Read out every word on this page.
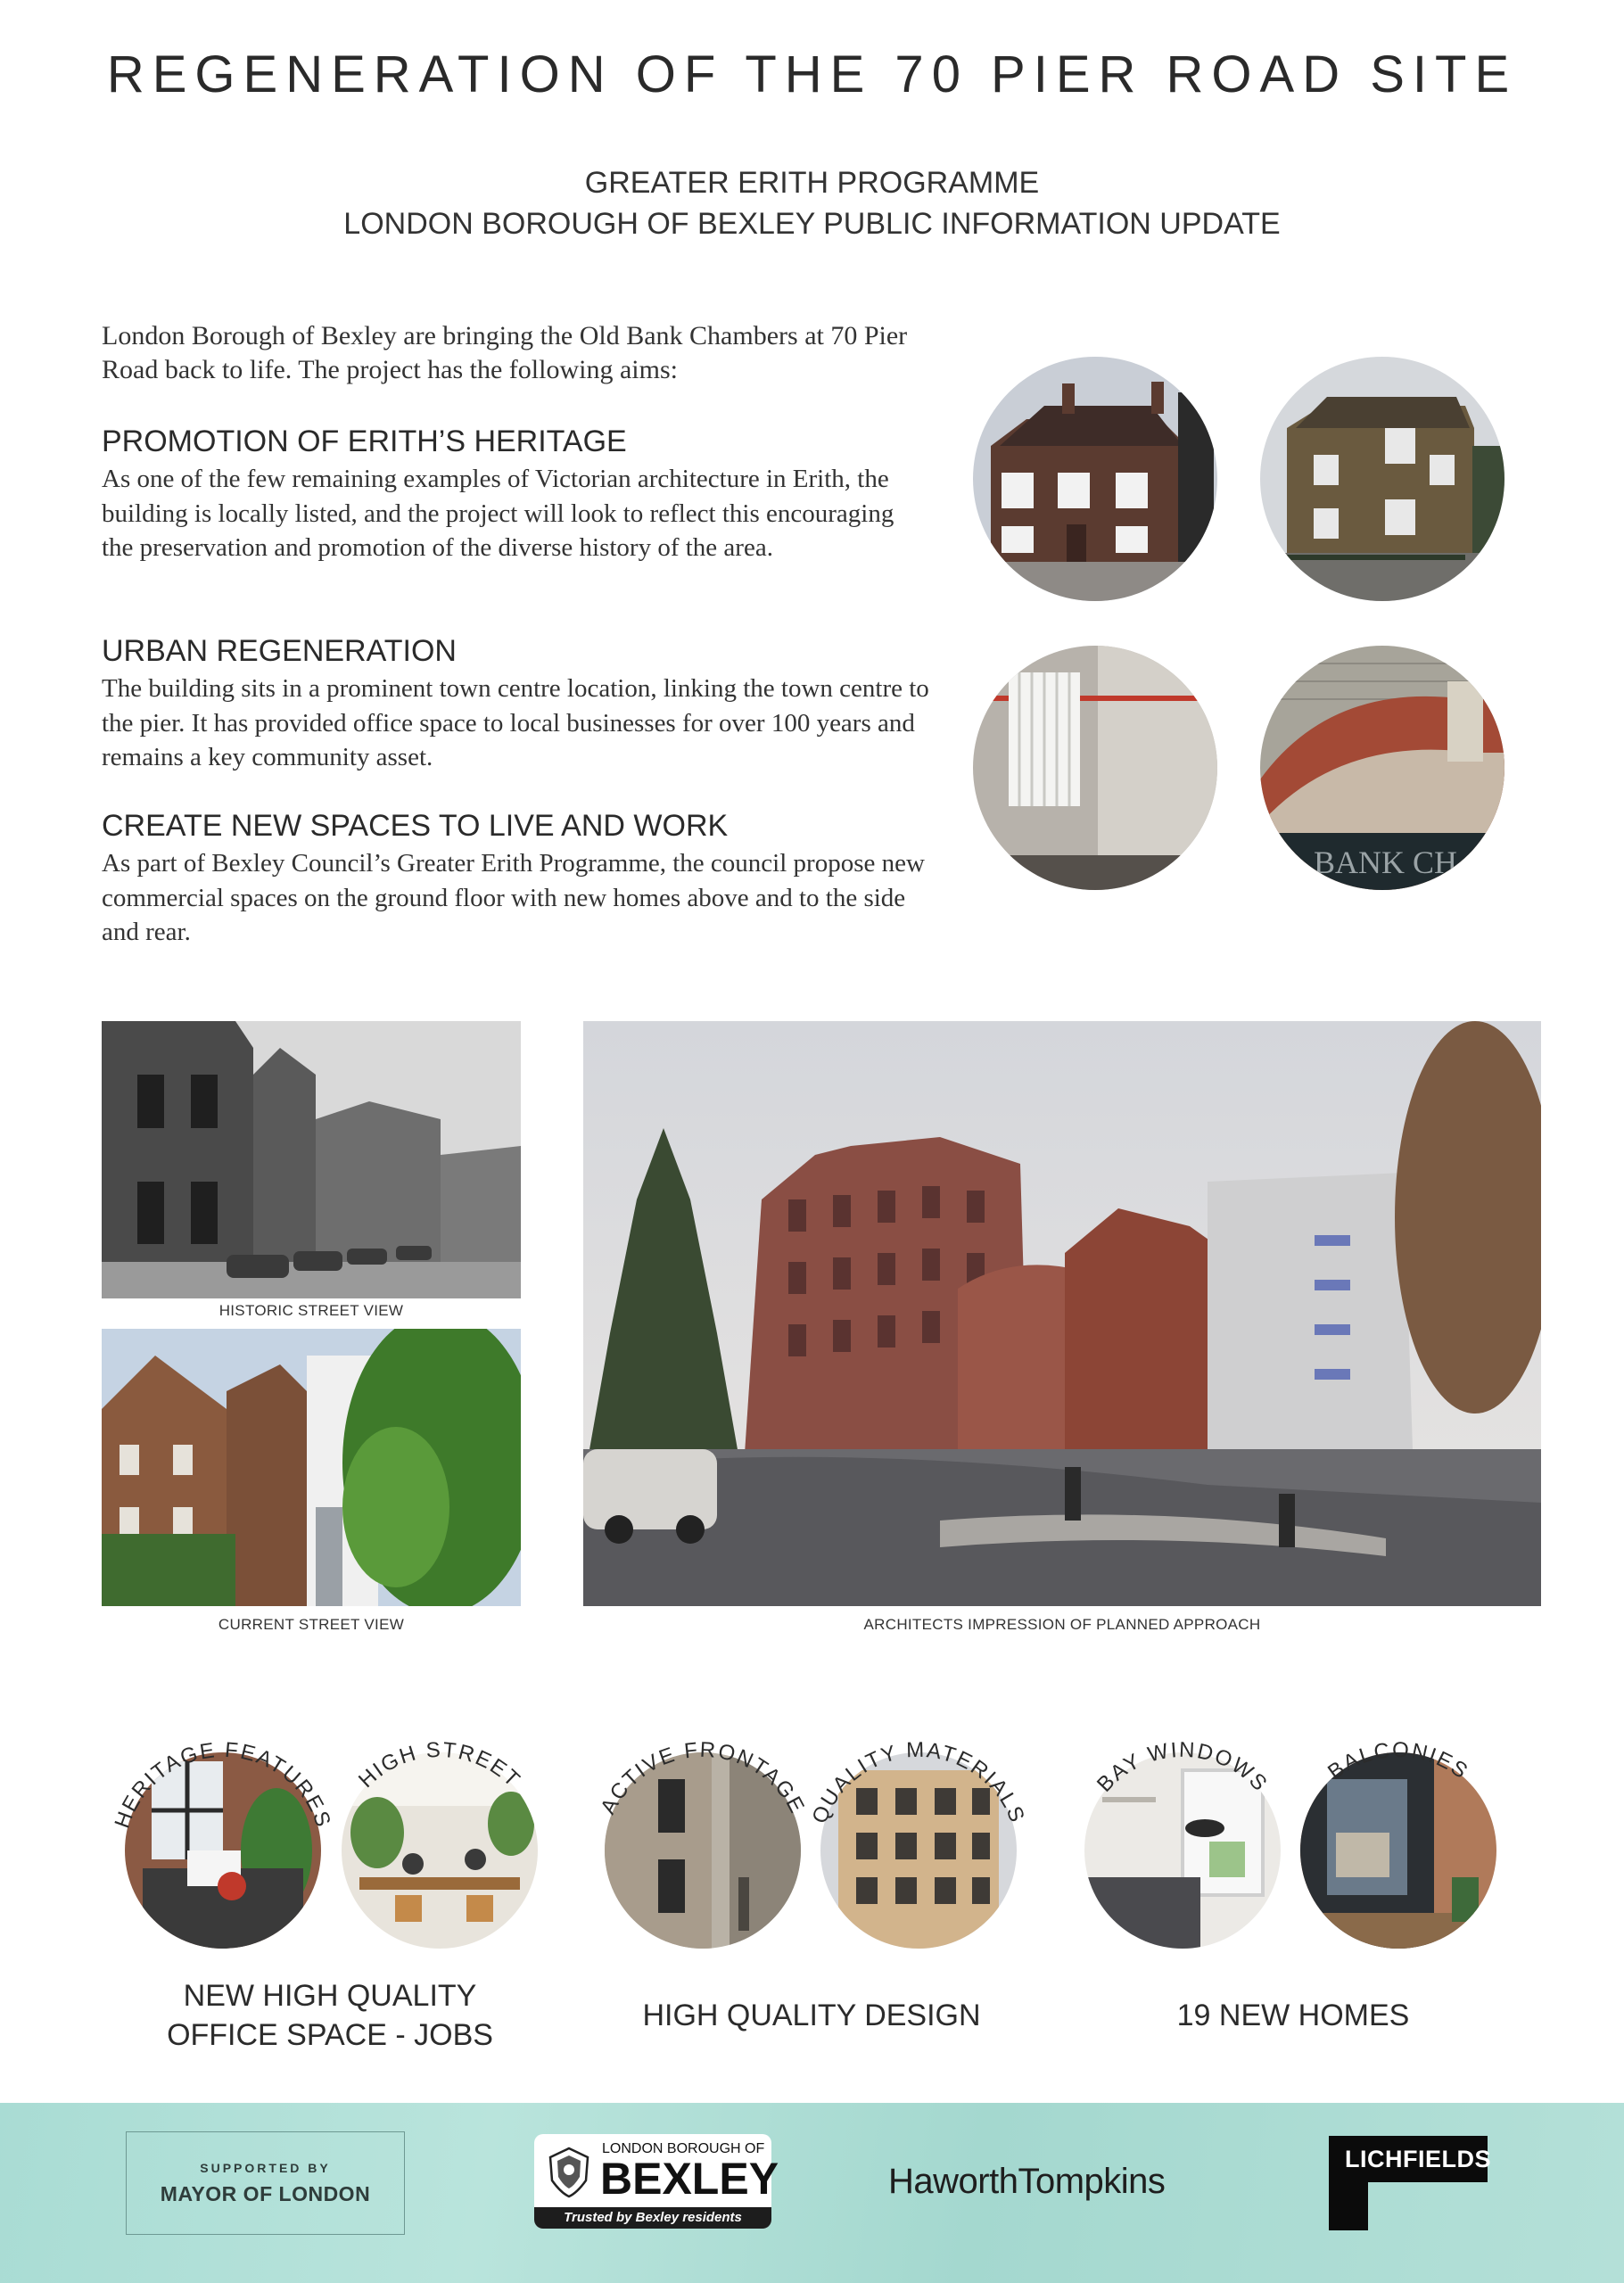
REGENERATION OF THE 70 PIER ROAD SITE
GREATER ERITH PROGRAMME
LONDON BOROUGH OF BEXLEY PUBLIC INFORMATION UPDATE
London Borough of Bexley are bringing the Old Bank Chambers at 70 Pier Road back to life. The project has the following aims:
PROMOTION OF ERITH’S HERITAGE
As one of the few remaining examples of Victorian architecture in Erith, the building is locally listed, and the project will look to reflect this encouraging the preservation and promotion of the diverse history of the area.
URBAN REGENERATION
The building sits in a prominent town centre location, linking the town centre to the pier. It has provided office space to local businesses for over 100 years and remains a key community asset.
CREATE NEW SPACES TO LIVE AND WORK
As part of Bexley Council’s Greater Erith Programme, the council propose new commercial spaces on the ground floor with new homes above and to the side and rear.
BANK CH
HISTORIC STREET VIEW
CURRENT STREET VIEW	ARCHITECTS IMPRESSION OF PLANNED APPROACH
HERITAGE FEATURES
HIGH STREET
NEW HIGH QUALITY
OFFICE SPACE - JOBS
ACTIVE FRONTAGE
QUALITY MATERIALS
HIGH QUALITY DESIGN
BAY WINDOWS BALCONIES
19 NEW HOMES
SUPPORTED BY
MAYOR OF LONDON
LONDON BOROUGH OF
BEXLEY
Trusted by Bexley residents
HaworthTompkins
LICHFIELDS
